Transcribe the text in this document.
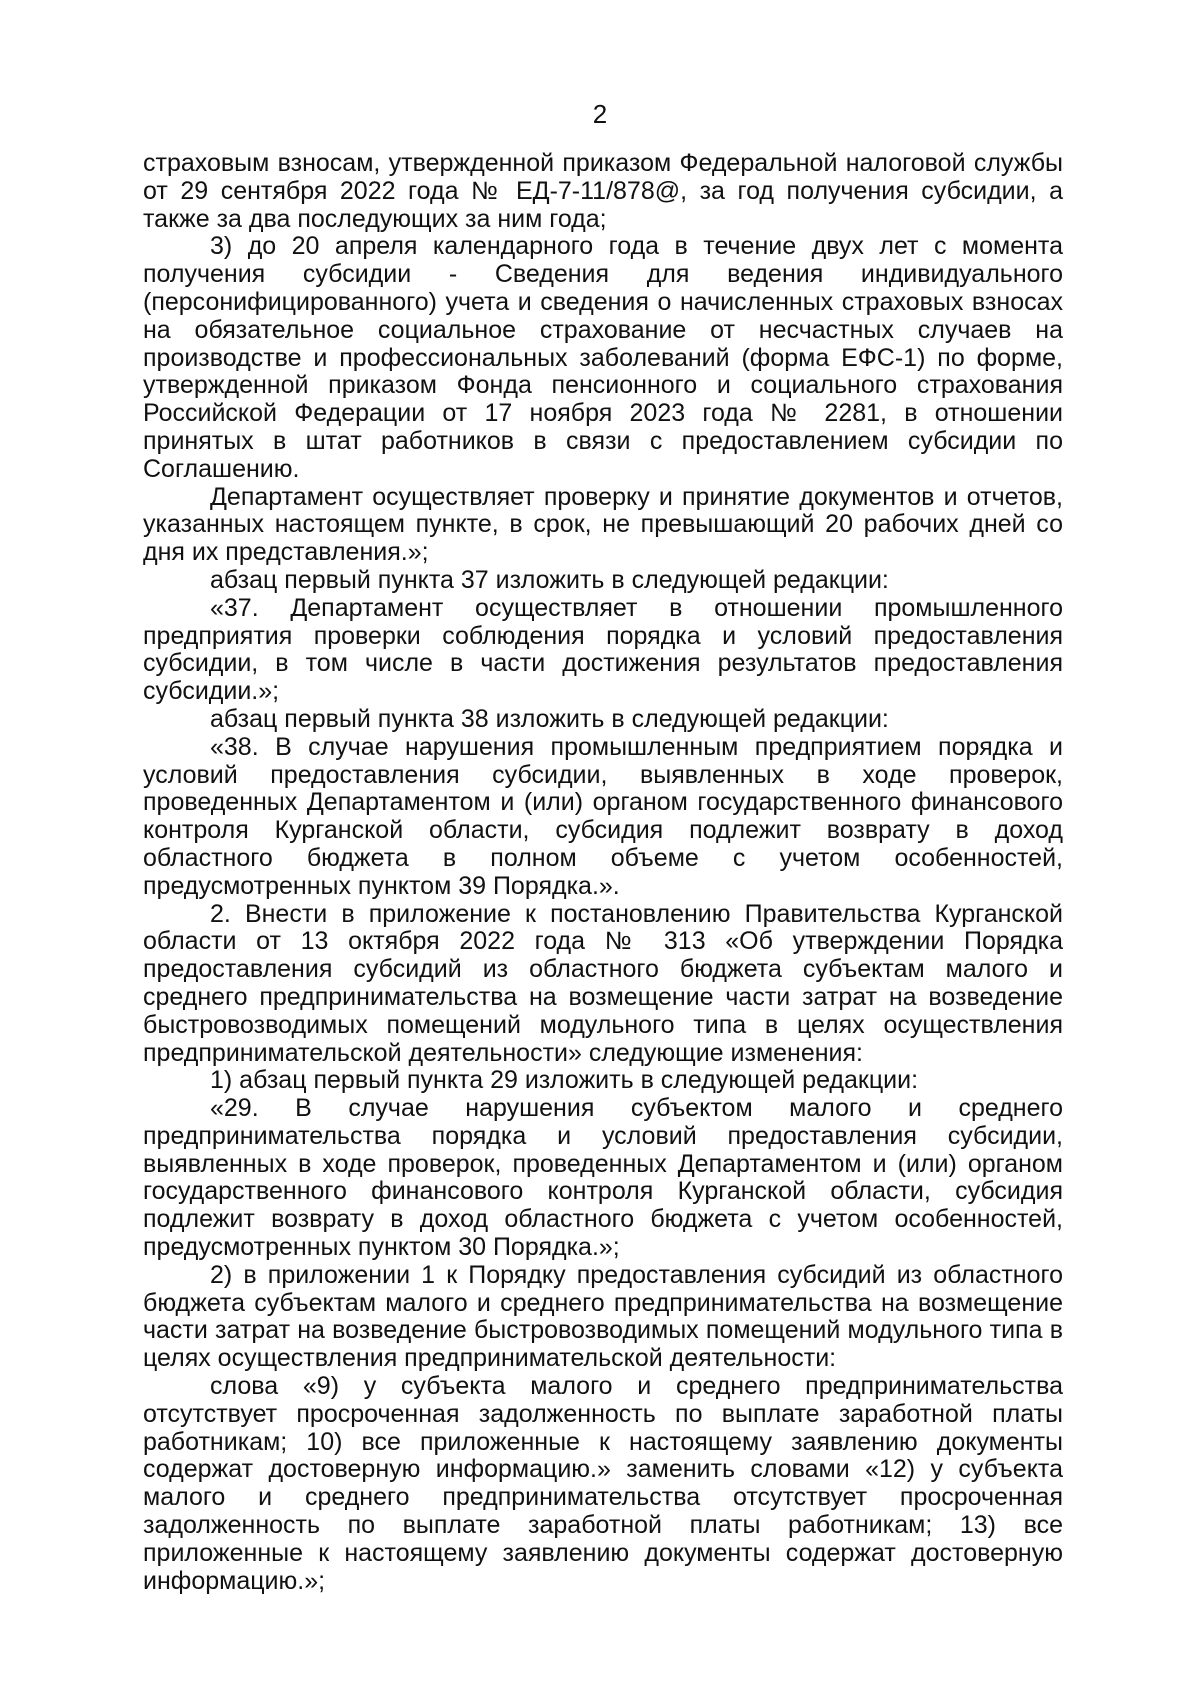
2

страховым взносам, утвержденной приказом Федеральной налоговой службы от 29 сентября 2022 года № ЕД-7-11/878@, за год получения субсидии, а также за два последующих за ним года;

3) до 20 апреля календарного года в течение двух лет с момента получения субсидии - Сведения для ведения индивидуального (персонифицированного) учета и сведения о начисленных страховых взносах на обязательное социальное страхование от несчастных случаев на производстве и профессиональных заболеваний (форма ЕФС-1) по форме, утвержденной приказом Фонда пенсионного и социального страхования Российской Федерации от 17 ноября 2023 года № 2281, в отношении принятых в штат работников в связи с предоставлением субсидии по Соглашению.

Департамент осуществляет проверку и принятие документов и отчетов, указанных настоящем пункте, в срок, не превышающий 20 рабочих дней со дня их представления.»;

абзац первый пункта 37 изложить в следующей редакции:

«37. Департамент осуществляет в отношении промышленного предприятия проверки соблюдения порядка и условий предоставления субсидии, в том числе в части достижения результатов предоставления субсидии.»;

абзац первый пункта 38 изложить в следующей редакции:

«38. В случае нарушения промышленным предприятием порядка и условий предоставления субсидии, выявленных в ходе проверок, проведенных Департаментом и (или) органом государственного финансового контроля Курганской области, субсидия подлежит возврату в доход областного бюджета в полном объеме с учетом особенностей, предусмотренных пунктом 39 Порядка.».

2. Внести в приложение к постановлению Правительства Курганской области от 13 октября 2022 года № 313 «Об утверждении Порядка предоставления субсидий из областного бюджета субъектам малого и среднего предпринимательства на возмещение части затрат на возведение быстровозводимых помещений модульного типа в целях осуществления предпринимательской деятельности» следующие изменения:

1) абзац первый пункта 29 изложить в следующей редакции:

«29. В случае нарушения субъектом малого и среднего предпринимательства порядка и условий предоставления субсидии, выявленных в ходе проверок, проведенных Департаментом и (или) органом государственного финансового контроля Курганской области, субсидия подлежит возврату в доход областного бюджета с учетом особенностей, предусмотренных пунктом 30 Порядка.»;

2) в приложении 1 к Порядку предоставления субсидий из областного бюджета субъектам малого и среднего предпринимательства на возмещение части затрат на возведение быстровозводимых помещений модульного типа в целях осуществления предпринимательской деятельности:

слова «9) у субъекта малого и среднего предпринимательства отсутствует просроченная задолженность по выплате заработной платы работникам; 10) все приложенные к настоящему заявлению документы содержат достоверную информацию.» заменить словами «12) у субъекта малого и среднего предпринимательства отсутствует просроченная задолженность по выплате заработной платы работникам; 13) все приложенные к настоящему заявлению документы содержат достоверную информацию.»;
